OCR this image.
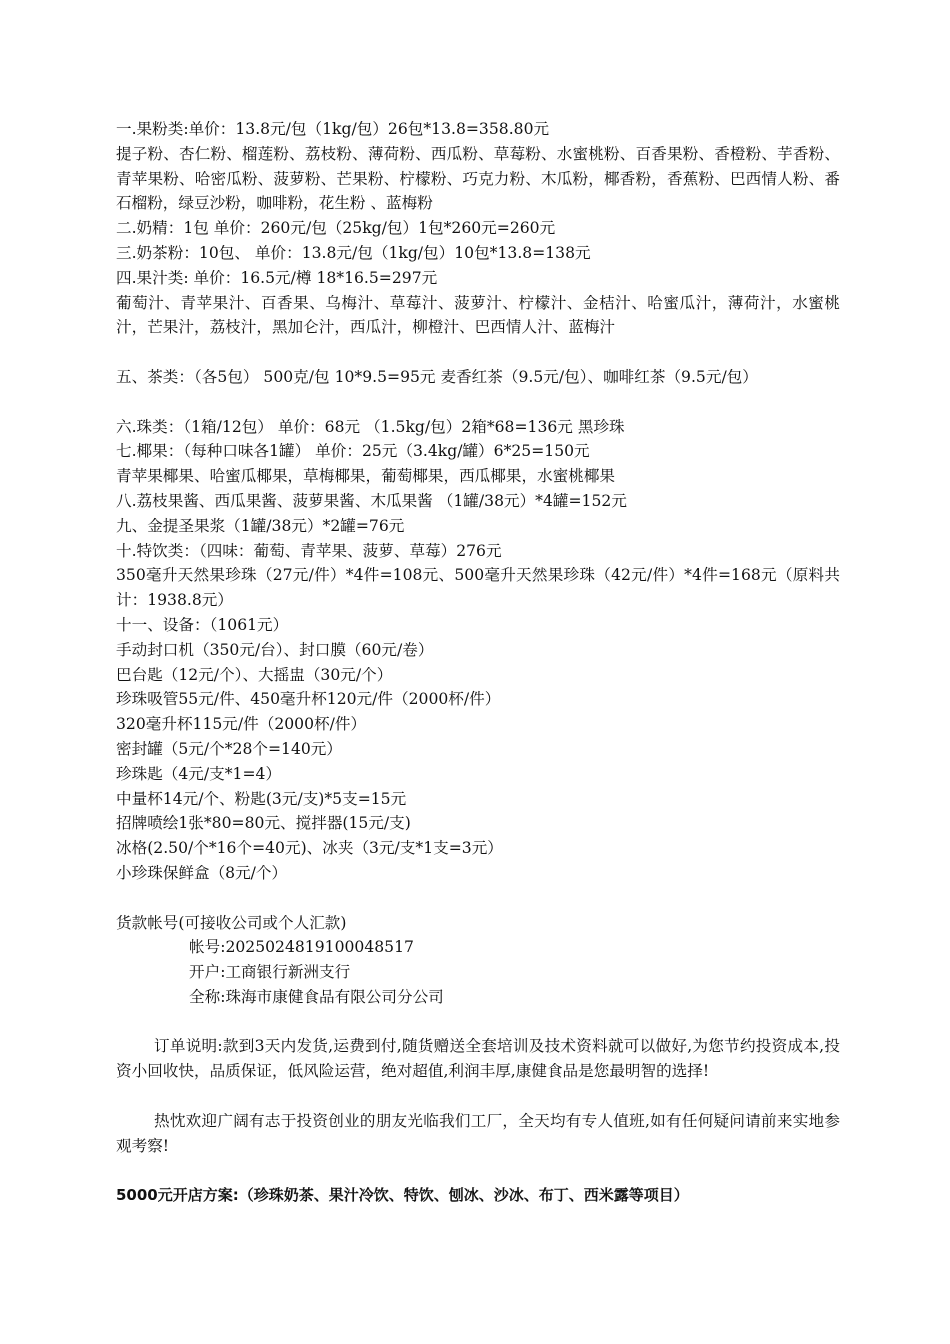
一.果粉类:单价：13.8元/包（1kg/包）26包*13.8=358.80元
提子粉、杏仁粉、榴莲粉、荔枝粉、薄荷粉、西瓜粉、草莓粉、水蜜桃粉、百香果粉、香橙粉、芋香粉、青苹果粉、哈密瓜粉、菠萝粉、芒果粉、柠檬粉、巧克力粉、木瓜粉，椰香粉，香蕉粉、巴西情人粉、番石榴粉，绿豆沙粉，咖啡粉，花生粉 、蓝梅粉
二.奶精：1包 单价：260元/包（25kg/包）1包*260元=260元
三.奶茶粉：10包、 单价：13.8元/包（1kg/包）10包*13.8=138元
四.果汁类: 单价：16.5元/樽 18*16.5=297元
葡萄汁、青苹果汁、百香果、乌梅汁、草莓汁、菠萝汁、柠檬汁、金桔汁、哈蜜瓜汁，薄荷汁，水蜜桃汁，芒果汁，荔枝汁，黑加仑汁，西瓜汁，柳橙汁、巴西情人汁、蓝梅汁
五、茶类：（各5包） 500克/包 10*9.5=95元 麦香红茶（9.5元/包）、咖啡红茶（9.5元/包）
六.珠类：（1箱/12包） 单价：68元 （1.5kg/包）2箱*68=136元 黑珍珠
七.椰果：（每种口味各1罐） 单价：25元（3.4kg/罐）6*25=150元
青苹果椰果、哈蜜瓜椰果，草梅椰果，葡萄椰果，西瓜椰果，水蜜桃椰果
八.荔枝果酱、西瓜果酱、菠萝果酱、木瓜果酱 （1罐/38元）*4罐=152元
九、金提圣果浆（1罐/38元）*2罐=76元
十.特饮类：（四味：葡萄、青苹果、菠萝、草莓）276元
350毫升天然果珍珠（27元/件）*4件=108元、500毫升天然果珍珠（42元/件）*4件=168元（原料共计：1938.8元）
十一、设备：（1061元）
手动封口机（350元/台）、封口膜（60元/卷）
巴台匙（12元/个）、大摇盅（30元/个）
珍珠吸管55元/件、450毫升杯120元/件（2000杯/件）
320毫升杯115元/件（2000杯/件）
密封罐（5元/个*28个=140元）
珍珠匙（4元/支*1=4）
中量杯14元/个、粉匙(3元/支)*5支=15元
招牌喷绘1张*80=80元、搅拌器(15元/支)
冰格(2.50/个*16个=40元)、冰夹（3元/支*1支=3元）
小珍珠保鲜盒（8元/个）
货款帐号(可接收公司或个人汇款)
帐号:2025024819100048517
开户:工商银行新洲支行
全称:珠海市康健食品有限公司分公司
订单说明:款到3天内发货,运费到付,随货赠送全套培训及技术资料就可以做好,为您节约投资成本,投资小回收快，品质保证，低风险运营，绝对超值,利润丰厚,康健食品是您最明智的选择!
热忱欢迎广阔有志于投资创业的朋友光临我们工厂，全天均有专人值班,如有任何疑问请前来实地参观考察!
5000元开店方案:（珍珠奶茶、果汁冷饮、特饮、刨冰、沙冰、布丁、西米露等项目）
